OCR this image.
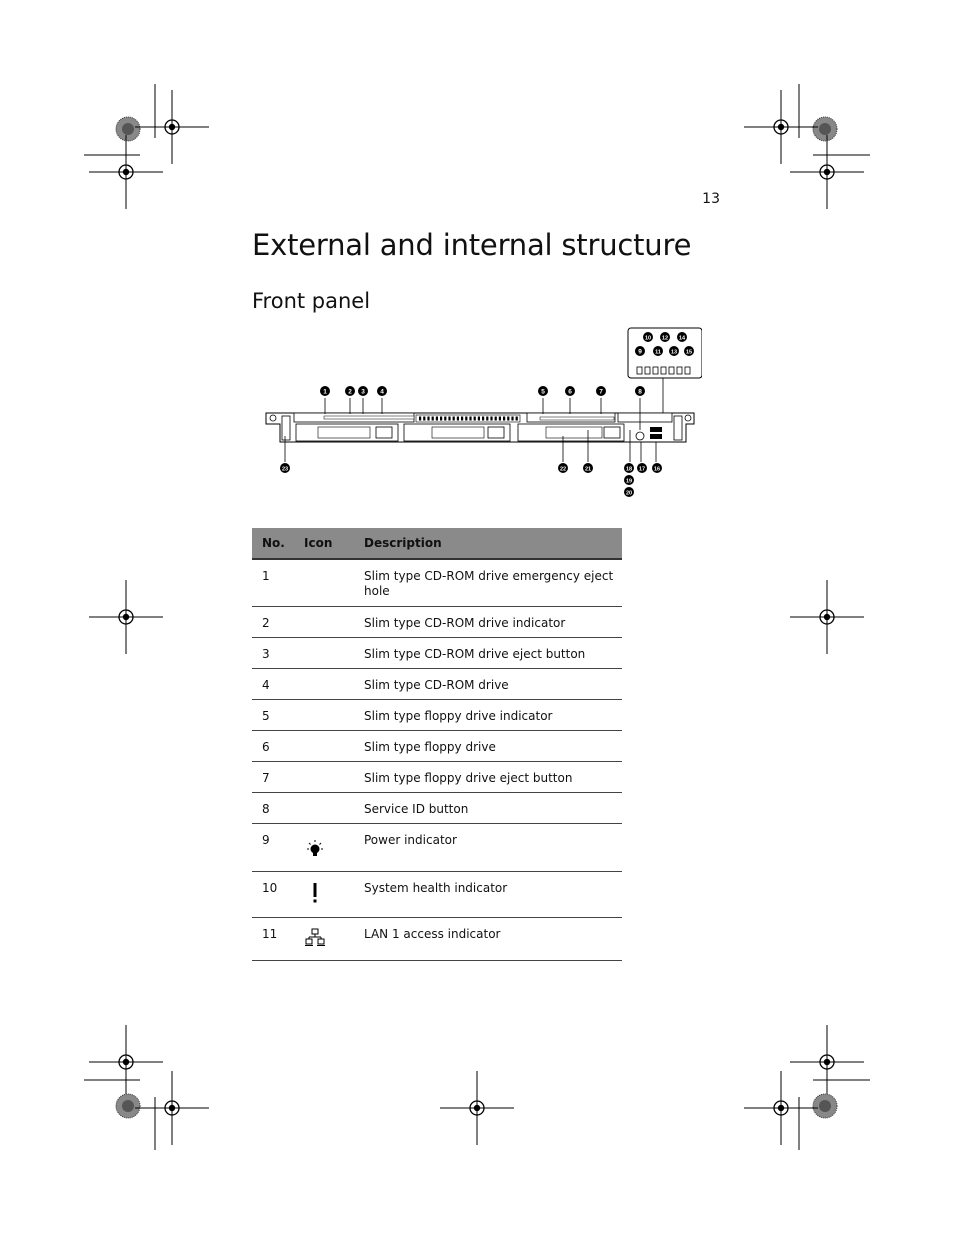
13
External and internal structure
Front panel
1	2 3 4	5	6	7	8
10 12 14
9 11 13 15
23	22	21	18 17 16
19
20
No.	Icon	Description
1		Slim type CD-ROM drive emergency eject hole
2		Slim type CD-ROM drive indicator
3		Slim type CD-ROM drive eject button
4		Slim type CD-ROM drive
5		Slim type floppy drive indicator
6		Slim type floppy drive
7		Slim type floppy drive eject button
8		Service ID button
9		Power indicator
10		System health indicator
11		LAN 1 access indicator
